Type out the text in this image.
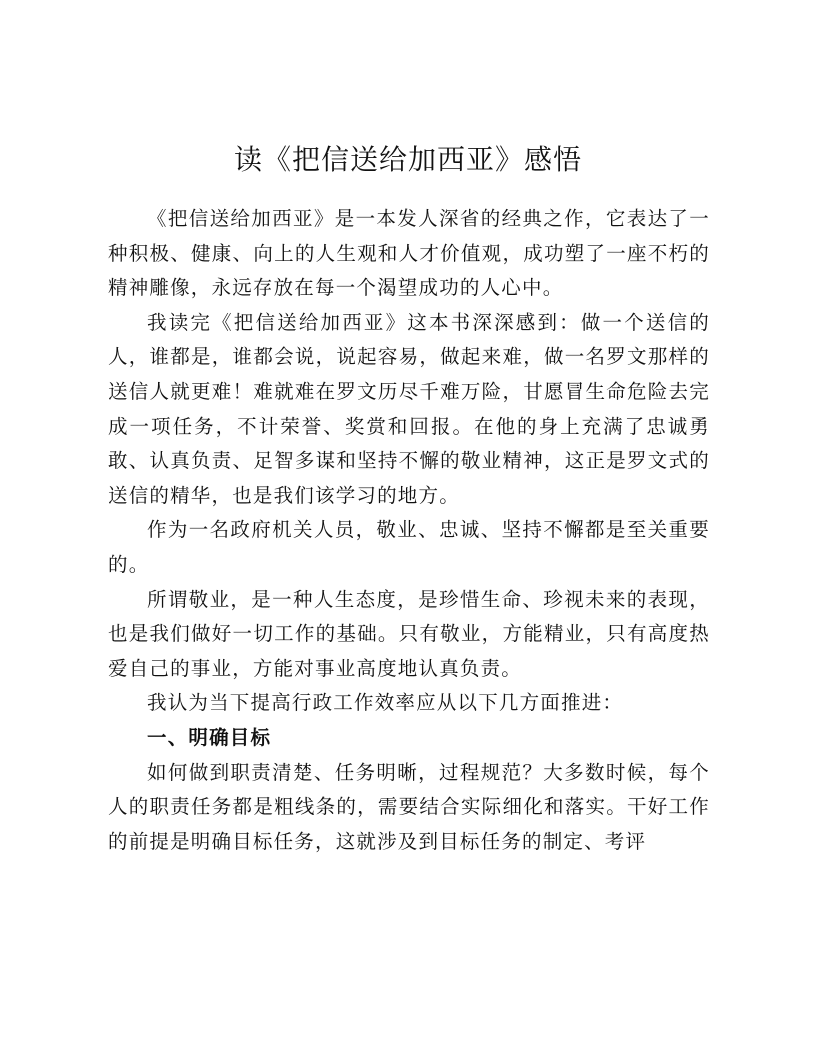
读《把信送给加西亚》感悟

《把信送给加西亚》是一本发人深省的经典之作，它表达了一种积极、健康、向上的人生观和人才价值观，成功塑了一座不朽的精神雕像，永远存放在每一个渴望成功的人心中。

我读完《把信送给加西亚》这本书深深感到：做一个送信的人，谁都是，谁都会说，说起容易，做起来难，做一名罗文那样的送信人就更难！难就难在罗文历尽千难万险，甘愿冒生命危险去完成一项任务，不计荣誉、奖赏和回报。在他的身上充满了忠诚勇敢、认真负责、足智多谋和坚持不懈的敬业精神，这正是罗文式的送信的精华，也是我们该学习的地方。

作为一名政府机关人员，敬业、忠诚、坚持不懈都是至关重要的。

所谓敬业，是一种人生态度，是珍惜生命、珍视未来的表现，也是我们做好一切工作的基础。只有敬业，方能精业，只有高度热爱自己的事业，方能对事业高度地认真负责。

我认为当下提高行政工作效率应从以下几方面推进：

一、明确目标

如何做到职责清楚、任务明晰，过程规范？大多数时候，每个人的职责任务都是粗线条的，需要结合实际细化和落实。干好工作的前提是明确目标任务，这就涉及到目标任务的制定、考评
